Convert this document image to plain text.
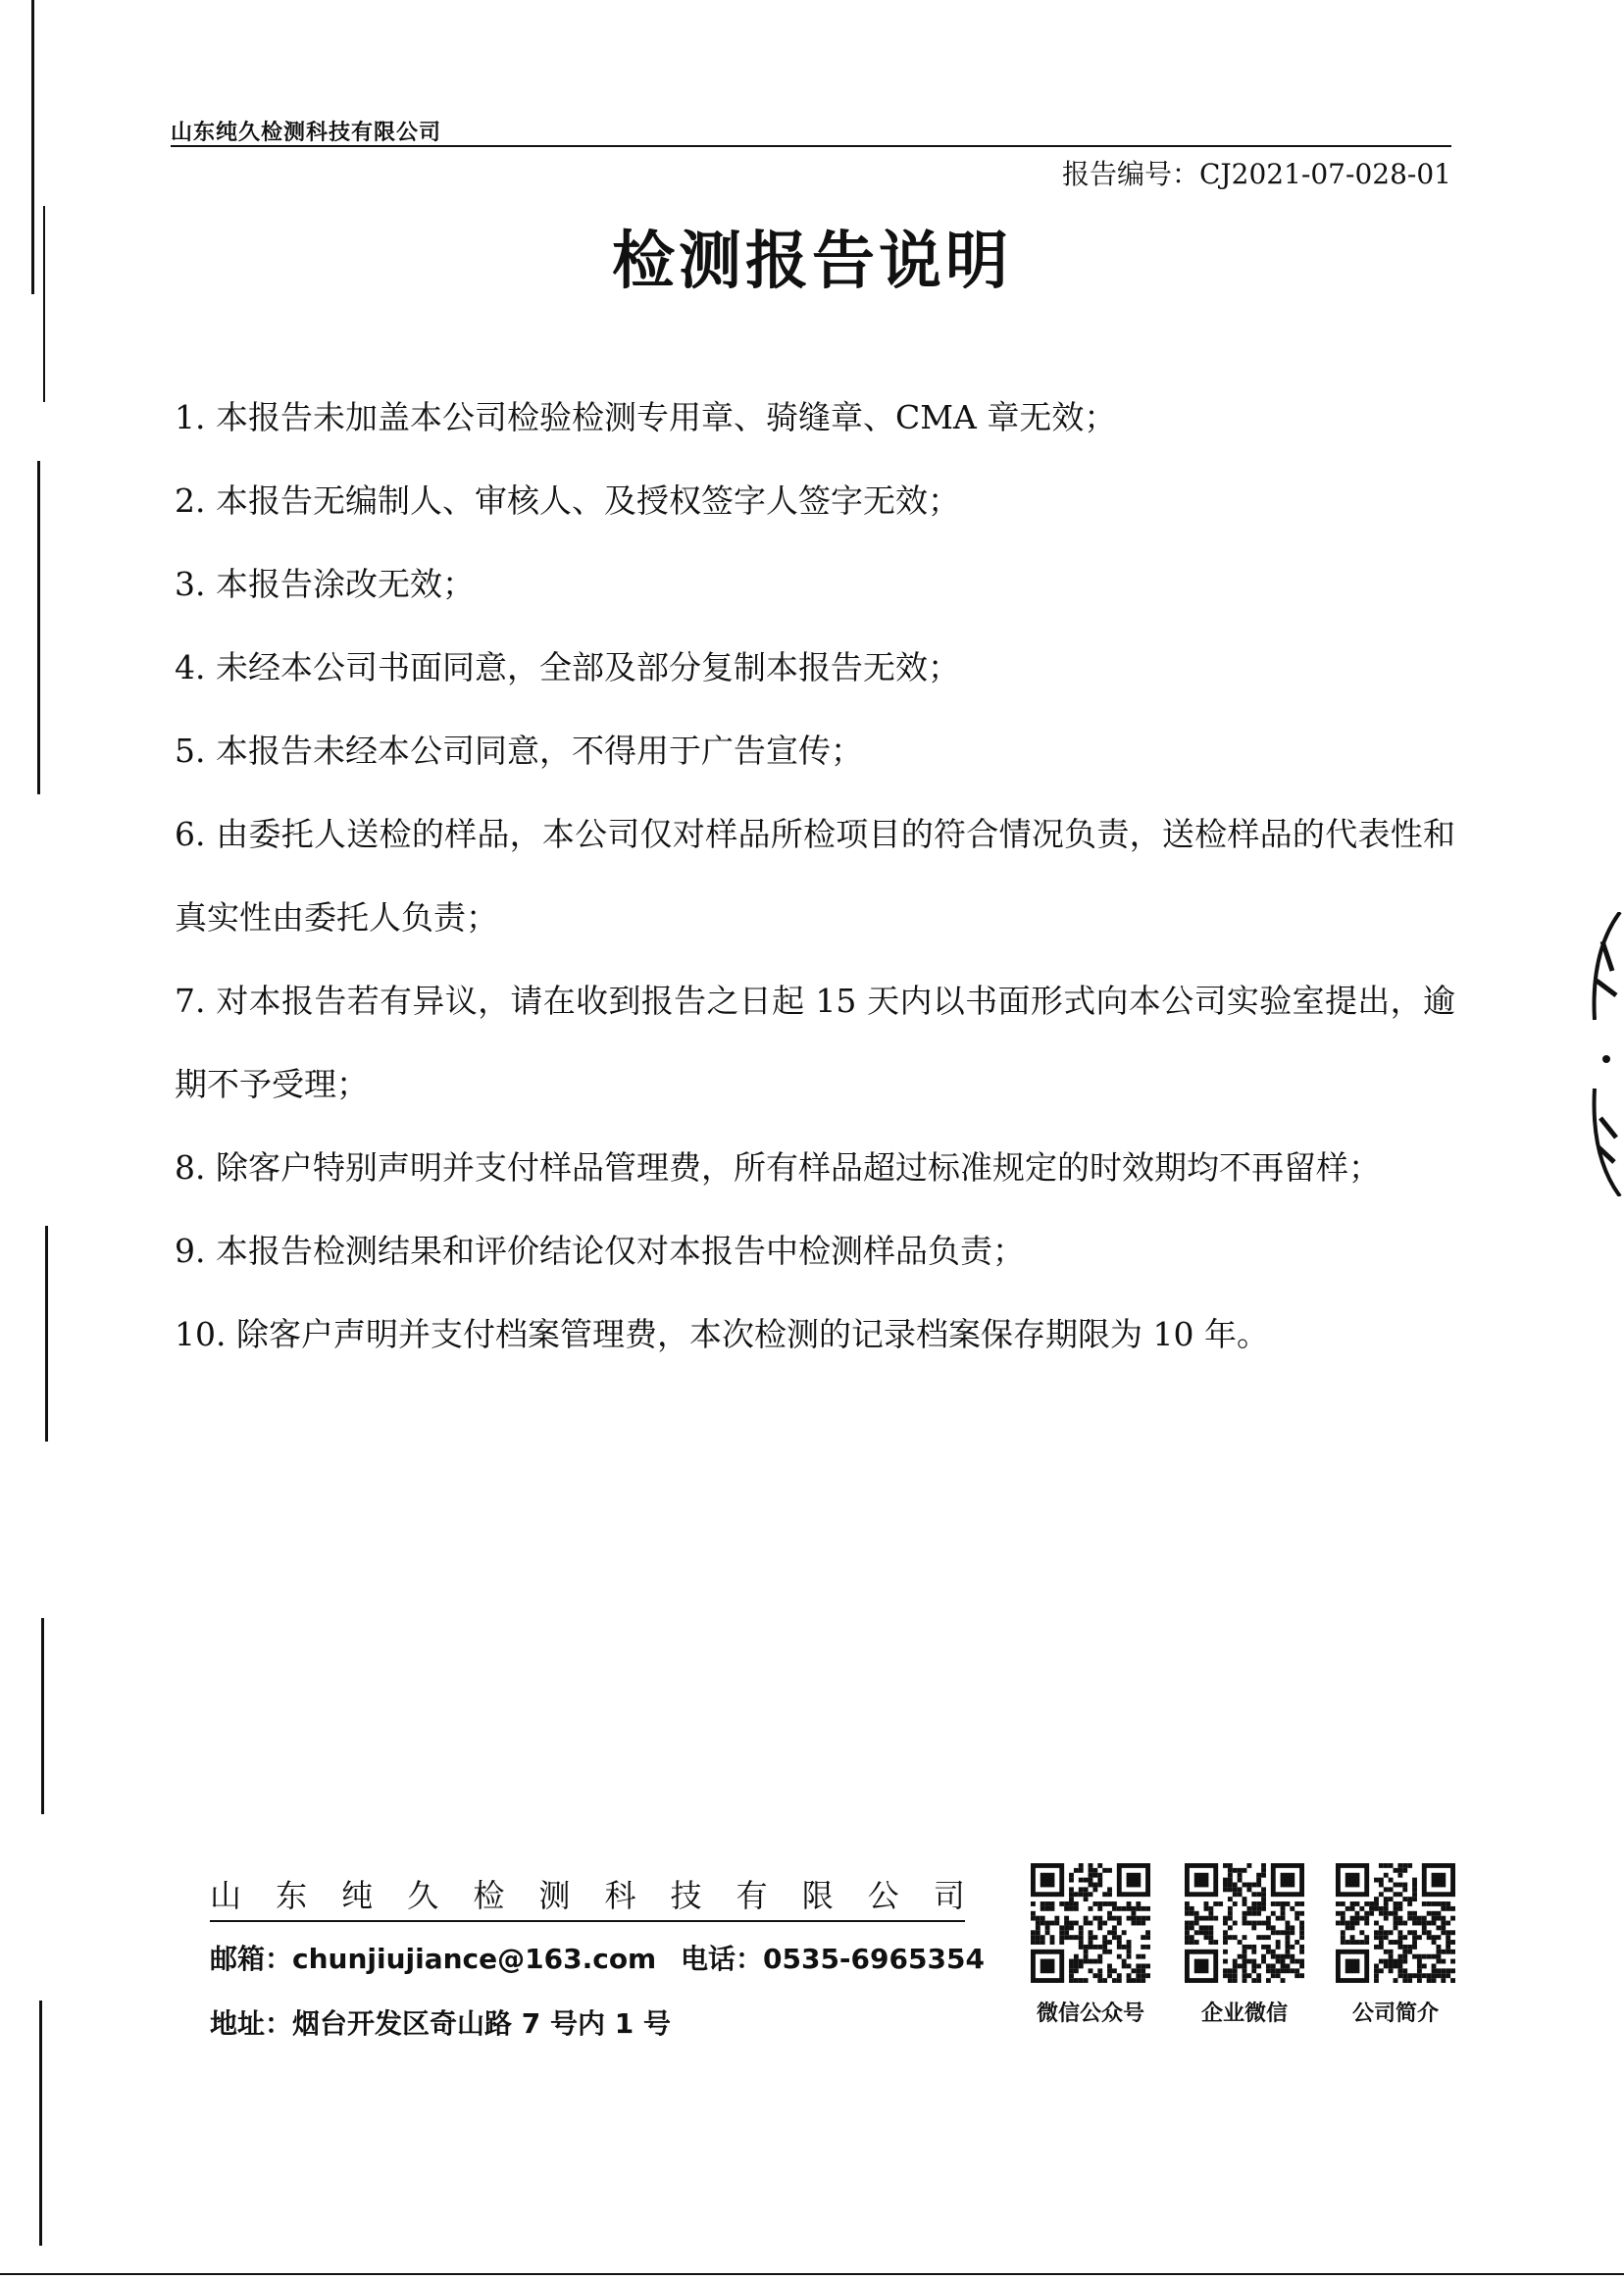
山东纯久检测科技有限公司
报告编号：CJ2021-07-028-01
检测报告说明

1. 本报告未加盖本公司检验检测专用章、骑缝章、CMA 章无效；

2. 本报告无编制人、审核人、及授权签字人签字无效；

3. 本报告涂改无效；

4. 未经本公司书面同意，全部及部分复制本报告无效；

5. 本报告未经本公司同意，不得用于广告宣传；

6. 由委托人送检的样品，本公司仅对样品所检项目的符合情况负责，送检样品的代表性和真实性由委托人负责；

7. 对本报告若有异议，请在收到报告之日起 15 天内以书面形式向本公司实验室提出，逾期不予受理；

8. 除客户特别声明并支付样品管理费，所有样品超过标准规定的时效期均不再留样；

9. 本报告检测结果和评价结论仅对本报告中检测样品负责；

10. 除客户声明并支付档案管理费，本次检测的记录档案保存期限为 10 年。

山 东 纯 久 检 测 科 技 有 限 公 司
邮箱：chunjiujiance@163.com 电话：0535-6965354
地址：烟台开发区奇山路 7 号内 1 号	微信公众号	企业微信	公司简介
